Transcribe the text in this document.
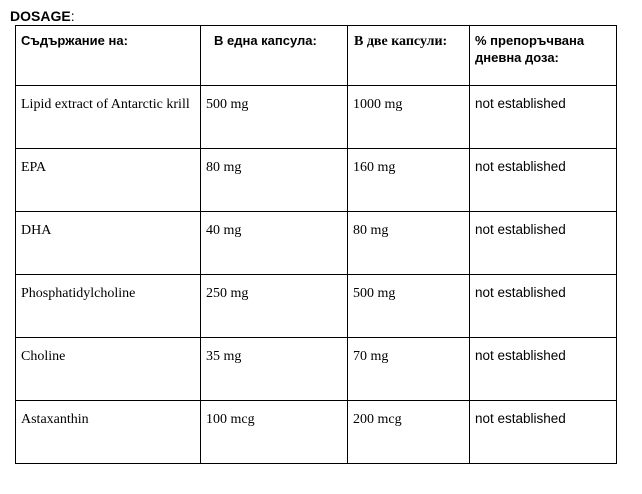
DOSAGE:
Съдържание на:	В една капсула:	В две капсули:	% препоръчвана дневна доза:

Lipid extract of Antarctic krill	500 mg	1000 mg	not established

EPA	80 mg	160 mg	not established

DHA	40 mg	80 mg	not established

Phosphatidylcholine	250 mg	500 mg	not established

Choline	35 mg	70 mg	not established

Astaxanthin	100 mcg	200 mcg	not established
